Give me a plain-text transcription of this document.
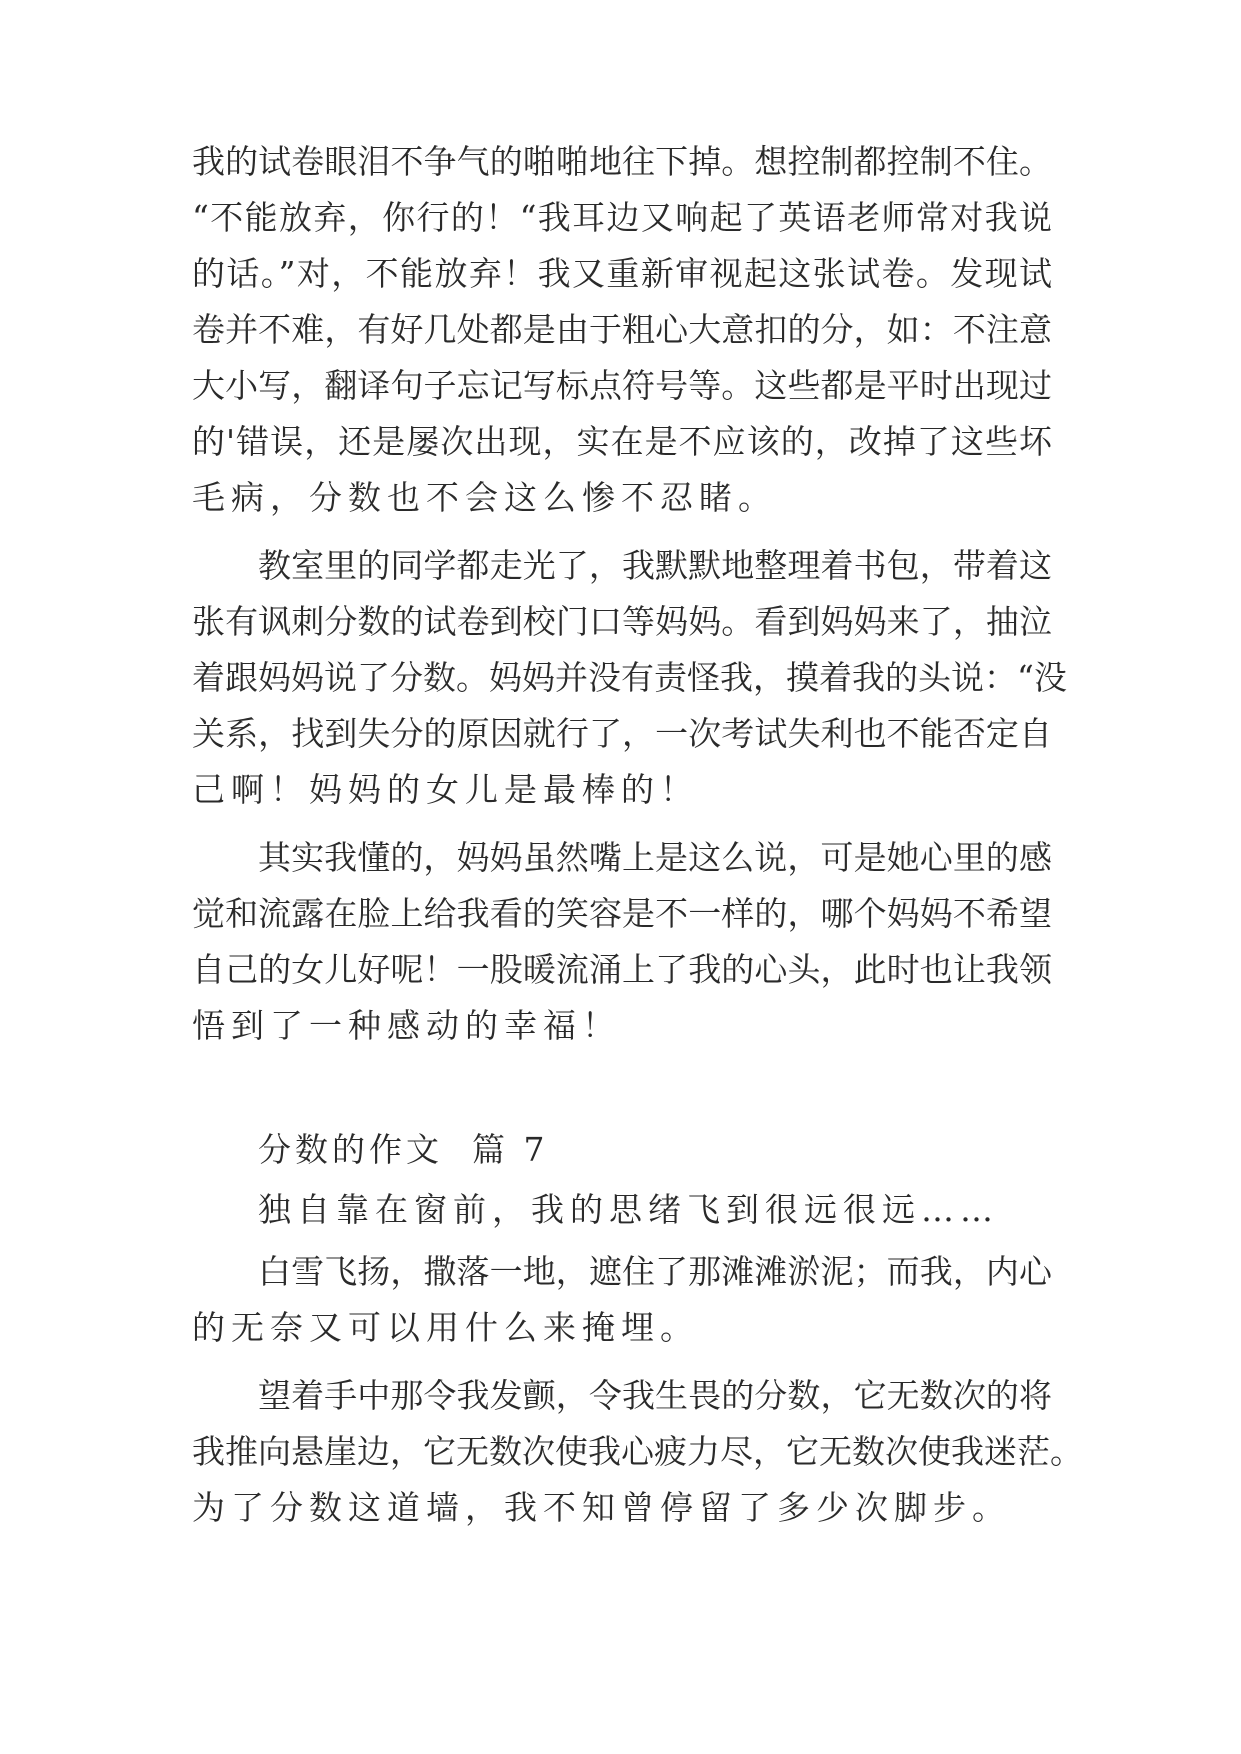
我的试卷眼泪不争气的啪啪地往下掉。想控制都控制不住。
“不能放弃，你行的！“我耳边又响起了英语老师常对我说
的话。”对，不能放弃！我又重新审视起这张试卷。发现试
卷并不难，有好几处都是由于粗心大意扣的分，如：不注意
大小写，翻译句子忘记写标点符号等。这些都是平时出现过
的'错误，还是屡次出现，实在是不应该的，改掉了这些坏
毛病，分数也不会这么惨不忍睹。
教室里的同学都走光了，我默默地整理着书包，带着这
张有讽刺分数的试卷到校门口等妈妈。看到妈妈来了，抽泣
着跟妈妈说了分数。妈妈并没有责怪我，摸着我的头说：“没
关系，找到失分的原因就行了，一次考试失利也不能否定自
己啊！妈妈的女儿是最棒的！
其实我懂的，妈妈虽然嘴上是这么说，可是她心里的感
觉和流露在脸上给我看的笑容是不一样的，哪个妈妈不希望
自己的女儿好呢！一股暖流涌上了我的心头，此时也让我领
悟到了一种感动的幸福！
分数的作文  篇 7
独自靠在窗前，我的思绪飞到很远很远……
白雪飞扬，撒落一地，遮住了那滩滩淤泥；而我，内心
的无奈又可以用什么来掩埋。
望着手中那令我发颤，令我生畏的分数，它无数次的将
我推向悬崖边，它无数次使我心疲力尽，它无数次使我迷茫。
为了分数这道墙，我不知曾停留了多少次脚步。
